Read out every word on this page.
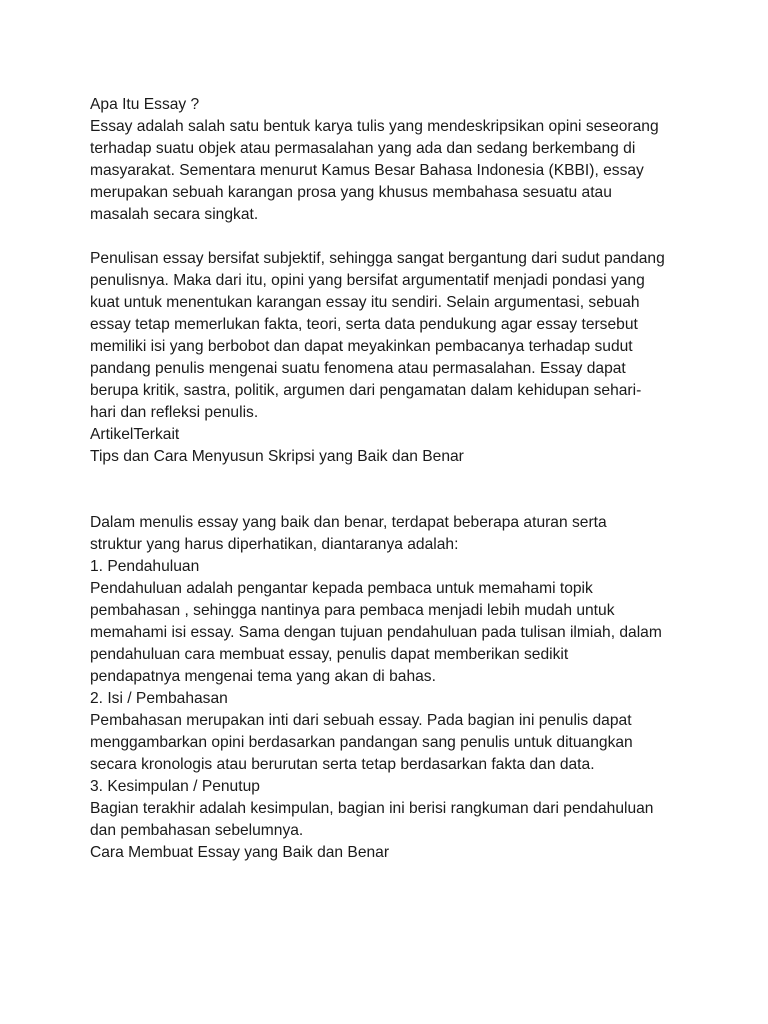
Apa Itu Essay ?
Essay adalah salah satu bentuk karya tulis yang mendeskripsikan opini seseorang
terhadap suatu objek atau permasalahan yang ada dan sedang berkembang di
masyarakat. Sementara menurut Kamus Besar Bahasa Indonesia (KBBI), essay
merupakan sebuah karangan prosa yang khusus membahasa sesuatu atau
masalah secara singkat.
Penulisan essay bersifat subjektif, sehingga sangat bergantung dari sudut pandang
penulisnya. Maka dari itu, opini yang bersifat argumentatif menjadi pondasi yang
kuat untuk menentukan karangan essay itu sendiri. Selain argumentasi, sebuah
essay tetap memerlukan fakta, teori, serta data pendukung agar essay tersebut
memiliki isi yang berbobot dan dapat meyakinkan pembacanya terhadap sudut
pandang penulis mengenai suatu fenomena atau permasalahan. Essay dapat
berupa kritik, sastra, politik, argumen dari pengamatan dalam kehidupan sehari-
hari dan refleksi penulis.
ArtikelTerkait
Tips dan Cara Menyusun Skripsi yang Baik dan Benar
Dalam menulis essay yang baik dan benar, terdapat beberapa aturan serta
struktur yang harus diperhatikan, diantaranya adalah:
1. Pendahuluan
Pendahuluan adalah pengantar kepada pembaca untuk memahami topik
pembahasan , sehingga nantinya para pembaca menjadi lebih mudah untuk
memahami isi essay. Sama dengan tujuan pendahuluan pada tulisan ilmiah, dalam
pendahuluan cara membuat essay, penulis dapat memberikan sedikit
pendapatnya mengenai tema yang akan di bahas.
2. Isi / Pembahasan
Pembahasan merupakan inti dari sebuah essay. Pada bagian ini penulis dapat
menggambarkan opini berdasarkan pandangan sang penulis untuk dituangkan
secara kronologis atau berurutan serta tetap berdasarkan fakta dan data.
3. Kesimpulan / Penutup
Bagian terakhir adalah kesimpulan, bagian ini berisi rangkuman dari pendahuluan
dan pembahasan sebelumnya.
Cara Membuat Essay yang Baik dan Benar
